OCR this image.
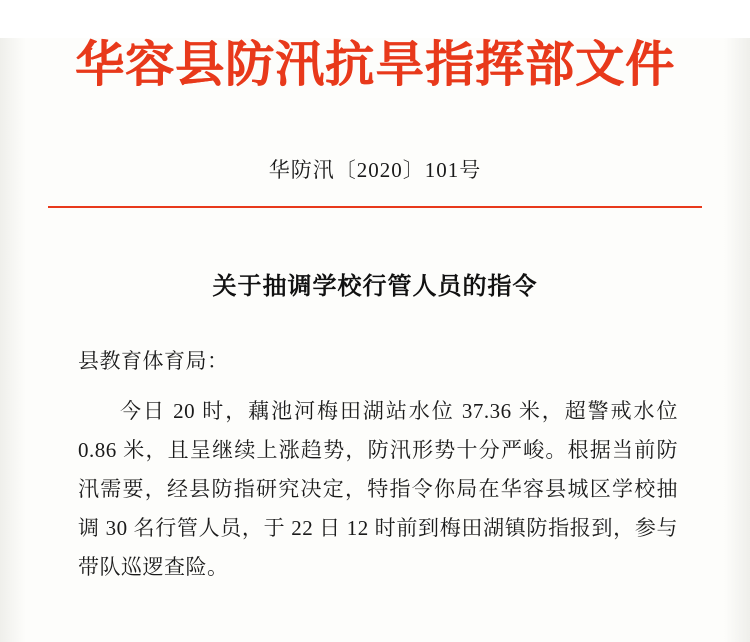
华容县防汛抗旱指挥部文件
华防汛〔2020〕101号
关于抽调学校行管人员的指令
县教育体育局：
今日 20 时，藕池河梅田湖站水位 37.36 米，超警戒水位 0.86 米，且呈继续上涨趋势，防汛形势十分严峻。根据当前防汛需要，经县防指研究决定，特指令你局在华容县城区学校抽调 30 名行管人员，于 22 日 12 时前到梅田湖镇防指报到，参与带队巡逻查险。
